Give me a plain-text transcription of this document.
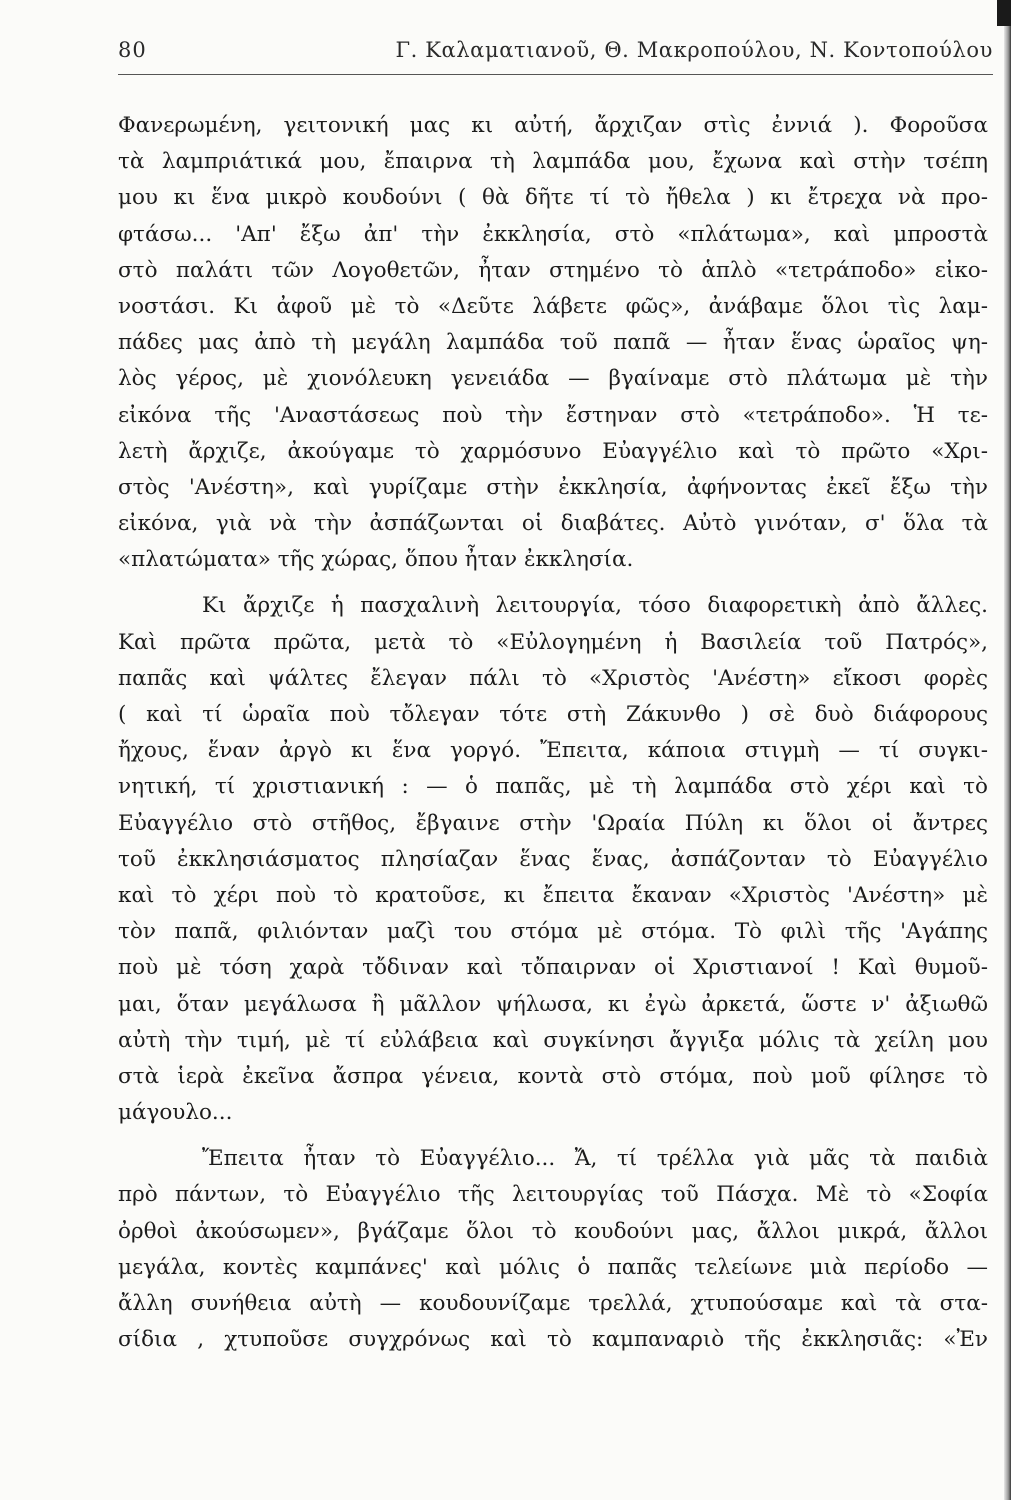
80	Γ. Καλαματιανοῦ, Θ. Μακροπούλου, Ν. Κοντοπούλου
Φανερωμένη, γειτονική μας κι αὐτή, ἄρχιζαν στὶς ἐννιά ). Φοροῦσα
τὰ λαμπριάτικά μου, ἔπαιρνα τὴ λαμπάδα μου, ἔχωνα καὶ στὴν τσέπη
μου κι ἕνα μικρὸ κουδούνι ( θὰ δῆτε τί τὸ ἤθελα ) κι ἔτρεχα νὰ προ-
φτάσω... 'Απ' ἔξω ἀπ' τὴν ἐκκλησία, στὸ «πλάτωμα», καὶ μπροστὰ
στὸ παλάτι τῶν Λογοθετῶν, ἦταν στημένο τὸ ἁπλὸ «τετράποδο» εἰκο-
νοστάσι. Κι ἀφοῦ μὲ τὸ «Δεῦτε λάβετε φῶς», ἀνάβαμε ὅλοι τὶς λαμ-
πάδες μας ἀπὸ τὴ μεγάλη λαμπάδα τοῦ παπᾶ — ἦταν ἕνας ὡραῖος ψη-
λὸς γέρος, μὲ χιονόλευκη γενειάδα — βγαίναμε στὸ πλάτωμα μὲ τὴν
εἰκόνα τῆς 'Αναστάσεως ποὺ τὴν ἔστηναν στὸ «τετράποδο». Ἡ τε-
λετὴ ἄρχιζε, ἀκούγαμε τὸ χαρμόσυνο Εὐαγγέλιο καὶ τὸ πρῶτο «Χρι-
στὸς 'Ανέστη», καὶ γυρίζαμε στὴν ἐκκλησία, ἀφήνοντας ἐκεῖ ἔξω τὴν
εἰκόνα, γιὰ νὰ τὴν ἀσπάζωνται οἱ διαβάτες. Αὐτὸ γινόταν, σ' ὅλα τὰ
«πλατώματα» τῆς χώρας, ὅπου ἦταν ἐκκλησία.
Κι ἄρχιζε ἡ πασχαλινὴ λειτουργία, τόσο διαφορετικὴ ἀπὸ ἄλλες.
Καὶ πρῶτα πρῶτα, μετὰ τὸ «Εὐλογημένη ἡ Βασιλεία τοῦ Πατρός»,
παπᾶς καὶ ψάλτες ἔλεγαν πάλι τὸ «Χριστὸς 'Ανέστη» εἴκοσι φορὲς
( καὶ τί ὡραῖα ποὺ τὄλεγαν τότε στὴ Ζάκυνθο ) σὲ δυὸ διάφορους
ἤχους, ἕναν ἀργὸ κι ἕνα γοργό. Ἔπειτα, κάποια στιγμὴ — τί συγκι-
νητική, τί χριστιανική : — ὁ παπᾶς, μὲ τὴ λαμπάδα στὸ χέρι καὶ τὸ
Εὐαγγέλιο στὸ στῆθος, ἔβγαινε στὴν 'Ωραία Πύλη κι ὅλοι οἱ ἄντρες
τοῦ ἐκκλησιάσματος πλησίαζαν ἕνας ἕνας, ἀσπάζονταν τὸ Εὐαγγέλιο
καὶ τὸ χέρι ποὺ τὸ κρατοῦσε, κι ἔπειτα ἔκαναν «Χριστὸς 'Ανέστη» μὲ
τὸν παπᾶ, φιλιόνταν μαζὶ του στόμα μὲ στόμα. Τὸ φιλὶ τῆς 'Αγάπης
ποὺ μὲ τόση χαρὰ τὄδιναν καὶ τὄπαιρναν οἱ Χριστιανοί ! Καὶ θυμοῦ-
μαι, ὅταν μεγάλωσα ἢ μᾶλλον ψήλωσα, κι ἐγὼ ἀρκετά, ὥστε ν' ἀξιωθῶ
αὐτὴ τὴν τιμή, μὲ τί εὐλάβεια καὶ συγκίνησι ἄγγιξα μόλις τὰ χείλη μου
στὰ ἱερὰ ἐκεῖνα ἄσπρα γένεια, κοντὰ στὸ στόμα, ποὺ μοῦ φίλησε τὸ
μάγουλο...
Ἔπειτα ἦταν τὸ Εὐαγγέλιο... Ἄ, τί τρέλλα γιὰ μᾶς τὰ παιδιὰ
πρὸ πάντων, τὸ Εὐαγγέλιο τῆς λειτουργίας τοῦ Πάσχα. Μὲ τὸ «Σοφία
ὀρθοὶ ἀκούσωμεν», βγάζαμε ὅλοι τὸ κουδούνι μας, ἄλλοι μικρά, ἄλλοι
μεγάλα, κοντὲς καμπάνες' καὶ μόλις ὁ παπᾶς τελείωνε μιὰ περίοδο —
ἄλλη συνήθεια αὐτὴ — κουδουνίζαμε τρελλά, χτυπούσαμε καὶ τὰ στα-
σίδια , χτυποῦσε συγχρόνως καὶ τὸ καμπαναριὸ τῆς ἐκκλησιᾶς: «Ἐν
